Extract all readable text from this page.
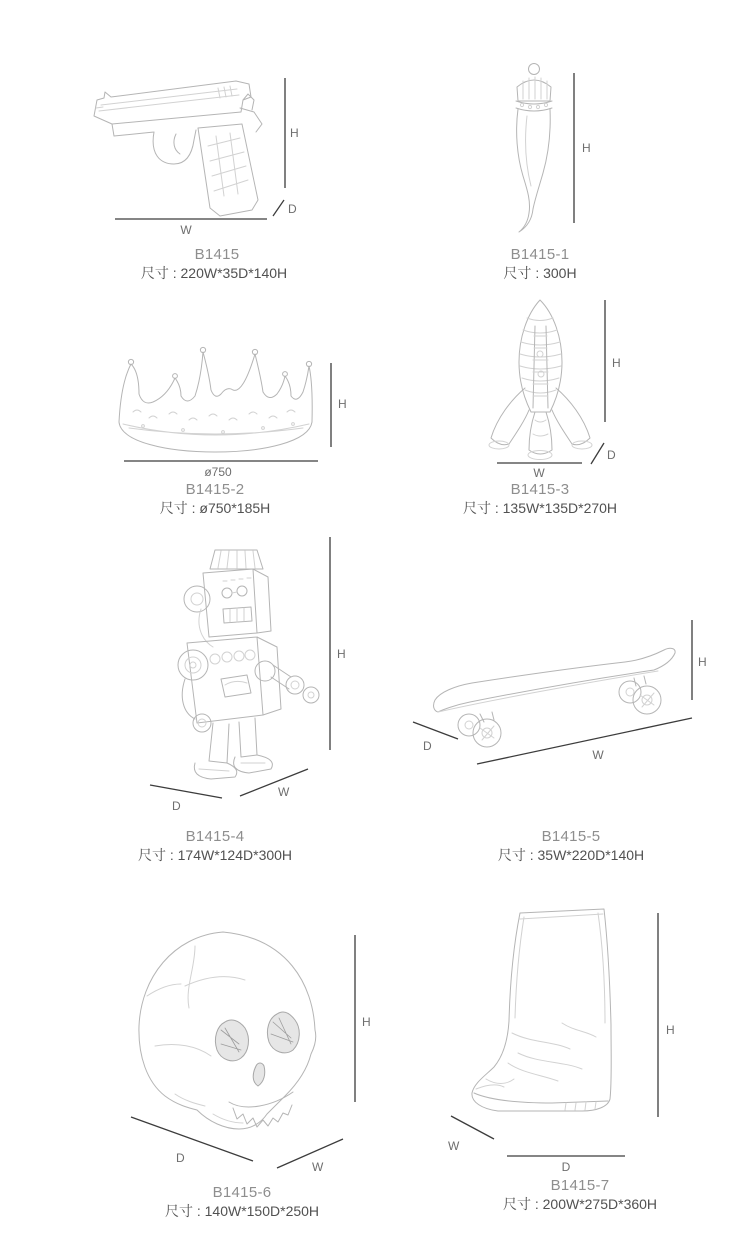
H
W
D
H
H
ø750
H
W
D
H
D
W
H
D
W
H
D
W
H
W
D
B1415
尺寸 : 220W*35D*140H
B1415-1
尺寸 : 300H
B1415-2
尺寸 : ø750*185H
B1415-3
尺寸 : 135W*135D*270H
B1415-4
尺寸 : 174W*124D*300H
B1415-5
尺寸 : 35W*220D*140H
B1415-6
尺寸 : 140W*150D*250H
B1415-7
尺寸 : 200W*275D*360H
